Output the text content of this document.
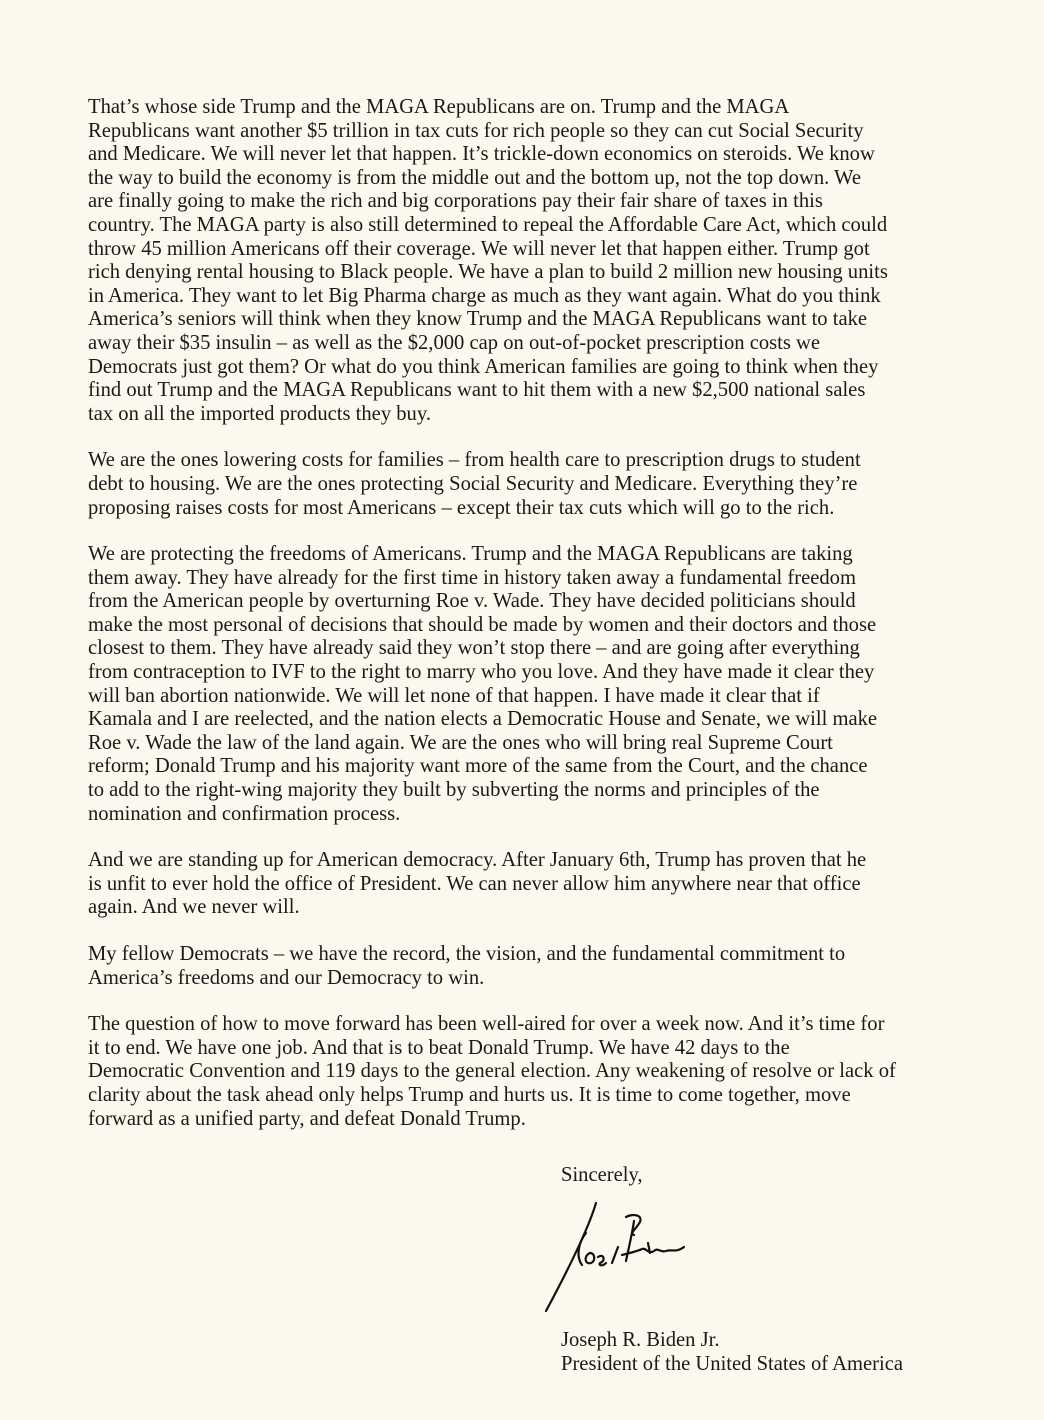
That’s whose side Trump and the MAGA Republicans are on. Trump and the MAGA
Republicans want another $5 trillion in tax cuts for rich people so they can cut Social Security
and Medicare. We will never let that happen. It’s trickle-down economics on steroids. We know
the way to build the economy is from the middle out and the bottom up, not the top down. We
are finally going to make the rich and big corporations pay their fair share of taxes in this
country. The MAGA party is also still determined to repeal the Affordable Care Act, which could
throw 45 million Americans off their coverage. We will never let that happen either. Trump got
rich denying rental housing to Black people. We have a plan to build 2 million new housing units
in America. They want to let Big Pharma charge as much as they want again. What do you think
America’s seniors will think when they know Trump and the MAGA Republicans want to take
away their $35 insulin – as well as the $2,000 cap on out-of-pocket prescription costs we
Democrats just got them? Or what do you think American families are going to think when they
find out Trump and the MAGA Republicans want to hit them with a new $2,500 national sales
tax on all the imported products they buy.

We are the ones lowering costs for families – from health care to prescription drugs to student
debt to housing. We are the ones protecting Social Security and Medicare. Everything they’re
proposing raises costs for most Americans – except their tax cuts which will go to the rich.

We are protecting the freedoms of Americans. Trump and the MAGA Republicans are taking
them away. They have already for the first time in history taken away a fundamental freedom
from the American people by overturning Roe v. Wade. They have decided politicians should
make the most personal of decisions that should be made by women and their doctors and those
closest to them. They have already said they won’t stop there – and are going after everything
from contraception to IVF to the right to marry who you love. And they have made it clear they
will ban abortion nationwide. We will let none of that happen. I have made it clear that if
Kamala and I are reelected, and the nation elects a Democratic House and Senate, we will make
Roe v. Wade the law of the land again. We are the ones who will bring real Supreme Court
reform; Donald Trump and his majority want more of the same from the Court, and the chance
to add to the right-wing majority they built by subverting the norms and principles of the
nomination and confirmation process.

And we are standing up for American democracy. After January 6th, Trump has proven that he
is unfit to ever hold the office of President. We can never allow him anywhere near that office
again. And we never will.

My fellow Democrats – we have the record, the vision, and the fundamental commitment to
America’s freedoms and our Democracy to win.

The question of how to move forward has been well-aired for over a week now. And it’s time for
it to end. We have one job. And that is to beat Donald Trump. We have 42 days to the
Democratic Convention and 119 days to the general election. Any weakening of resolve or lack of
clarity about the task ahead only helps Trump and hurts us. It is time to come together, move
forward as a unified party, and defeat Donald Trump.

Sincerely,
Joseph R. Biden Jr.
President of the United States of America
